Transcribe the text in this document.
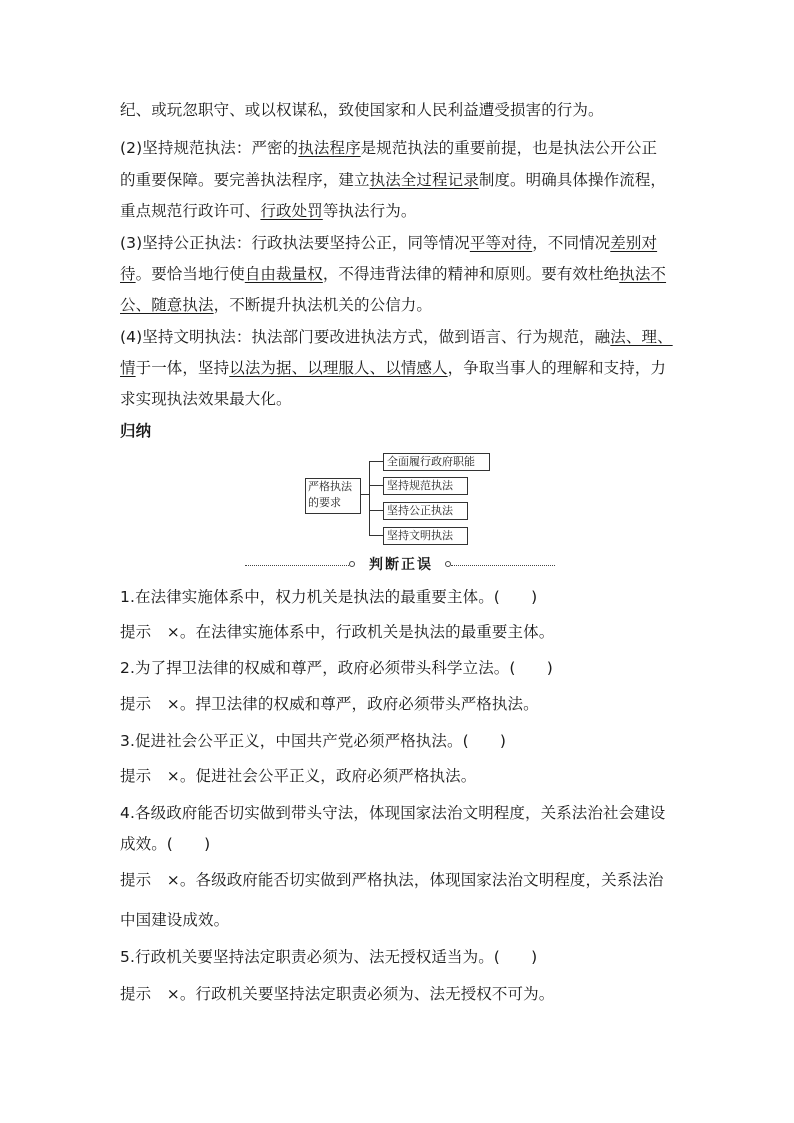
纪、或玩忽职守、或以权谋私，致使国家和人民利益遭受损害的行为。
(2)坚持规范执法：严密的执法程序是规范执法的重要前提，也是执法公开公正
的重要保障。要完善执法程序，建立执法全过程记录制度。明确具体操作流程，
重点规范行政许可、行政处罚等执法行为。
(3)坚持公正执法：行政执法要坚持公正，同等情况平等对待，不同情况差别对
待。要恰当地行使自由裁量权，不得违背法律的精神和原则。要有效杜绝执法不
公、随意执法，不断提升执法机关的公信力。
(4)坚持文明执法：执法部门要改进执法方式，做到语言、行为规范，融法、理、
情于一体，坚持以法为据、以理服人、以情感人，争取当事人的理解和支持，力
求实现执法效果最大化。
归纳
严格执法
的要求
全面履行政府职能
坚持规范执法
坚持公正执法
坚持文明执法
判断正误
1.在法律实施体系中，权力机关是执法的最重要主体。(　　)
提示　×。在法律实施体系中，行政机关是执法的最重要主体。
2.为了捍卫法律的权威和尊严，政府必须带头科学立法。(　　)
提示　×。捍卫法律的权威和尊严，政府必须带头严格执法。
3.促进社会公平正义，中国共产党必须严格执法。(　　)
提示　×。促进社会公平正义，政府必须严格执法。
4.各级政府能否切实做到带头守法，体现国家法治文明程度，关系法治社会建设
成效。(　　)
提示　×。各级政府能否切实做到严格执法，体现国家法治文明程度，关系法治
中国建设成效。
5.行政机关要坚持法定职责必须为、法无授权适当为。(　　)
提示　×。行政机关要坚持法定职责必须为、法无授权不可为。
